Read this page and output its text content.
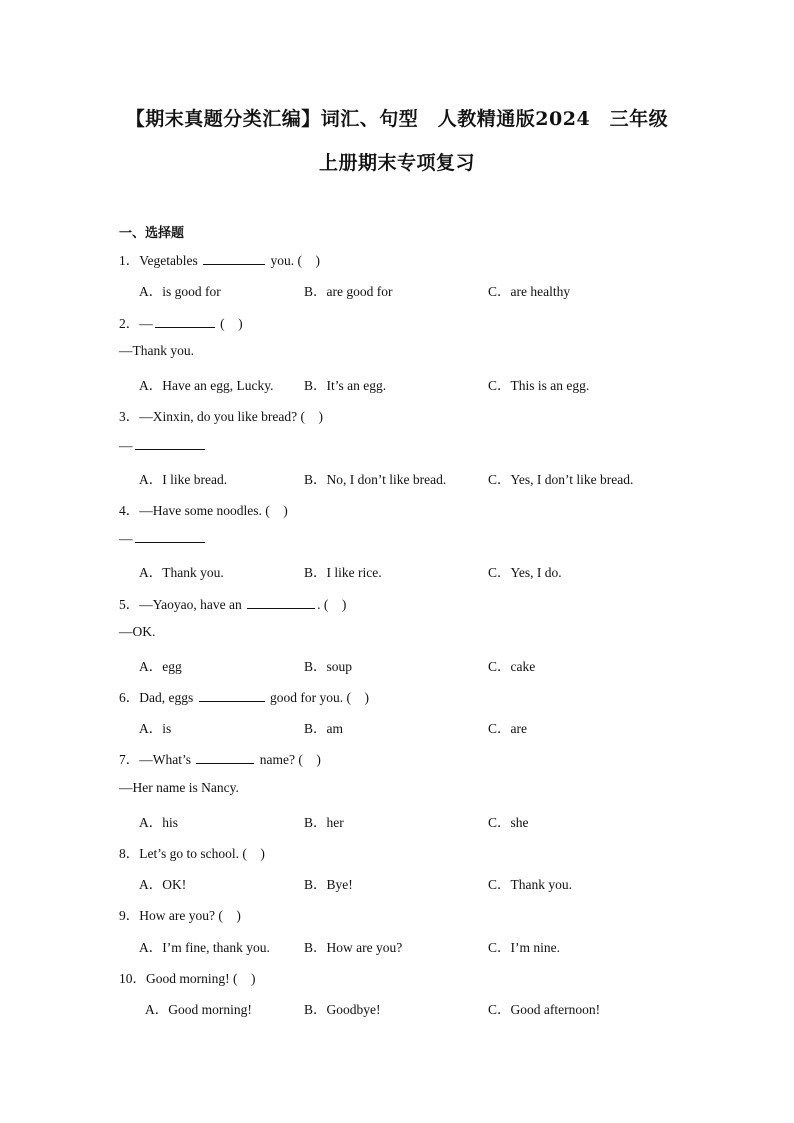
【期末真题分类汇编】词汇、句型　人教精通版2024　三年级
上册期末专项复习
一、选择题
1．Vegetables	you. (　)
A．is good for	B．are good for	C．are healthy
2．—	(　)
—Thank you.
A．Have an egg, Lucky. B．It’s an egg.	C．This is an egg.
3．—Xinxin, do you like bread? (　)
—
A．I like bread.	B．No, I don’t like bread.	C．Yes, I don’t like bread.
4．—Have some noodles. (　)
—
A．Thank you.	B．I like rice.	C．Yes, I do.
5．—Yaoyao, have an	. (　)
—OK.
A．egg	B．soup	C．cake
6．Dad, eggs	good for you. (　)
A．is	B．am	C．are
7．—What’s	name? (　)
—Her name is Nancy.
A．his	B．her	C．she
8．Let’s go to school. (　)
A．OK!	B．Bye!	C．Thank you.
9．How are you? (　)
A．I’m fine, thank you.	B．How are you?	C．I’m nine.
10．Good morning! (　)
A．Good morning!	B．Goodbye!	C．Good afternoon!
